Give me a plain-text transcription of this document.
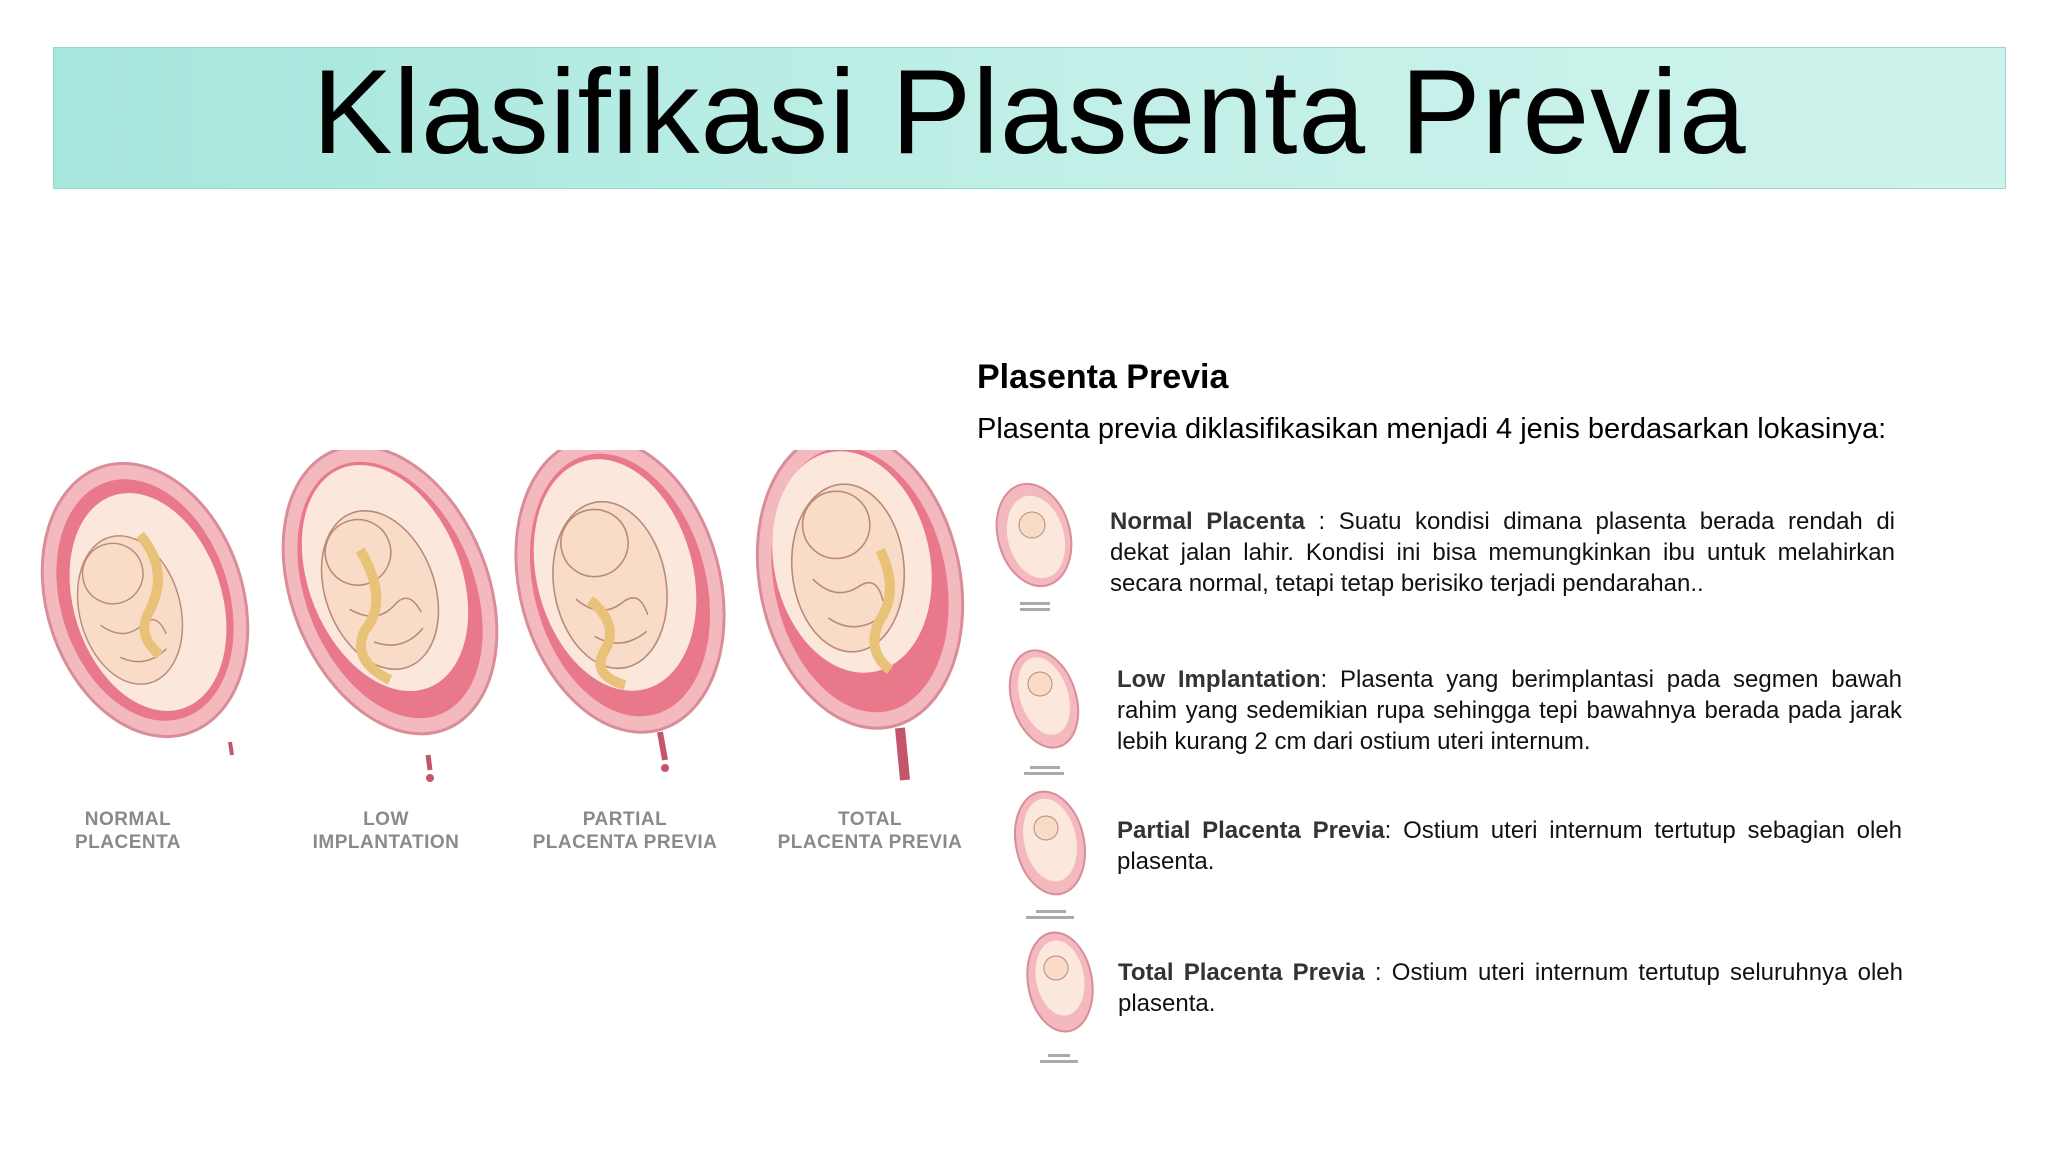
Klasifikasi Plasenta Previa
NORMAL
PLACENTA
LOW
IMPLANTATION
PARTIAL
PLACENTA PREVIA
TOTAL
PLACENTA PREVIA
Plasenta Previa

Plasenta previa diklasifikasikan menjadi 4 jenis berdasarkan lokasinya:

Normal Placenta : Suatu kondisi dimana plasenta berada rendah di dekat jalan lahir. Kondisi ini bisa memungkinkan ibu untuk melahirkan secara normal, tetapi tetap berisiko terjadi pendarahan..

Low Implantation: Plasenta yang berimplantasi pada segmen bawah rahim yang sedemikian rupa sehingga tepi bawahnya berada pada jarak lebih kurang 2 cm dari ostium uteri internum.

Partial Placenta Previa: Ostium uteri internum tertutup sebagian oleh plasenta.

Total Placenta Previa : Ostium uteri internum tertutup seluruhnya oleh plasenta.
